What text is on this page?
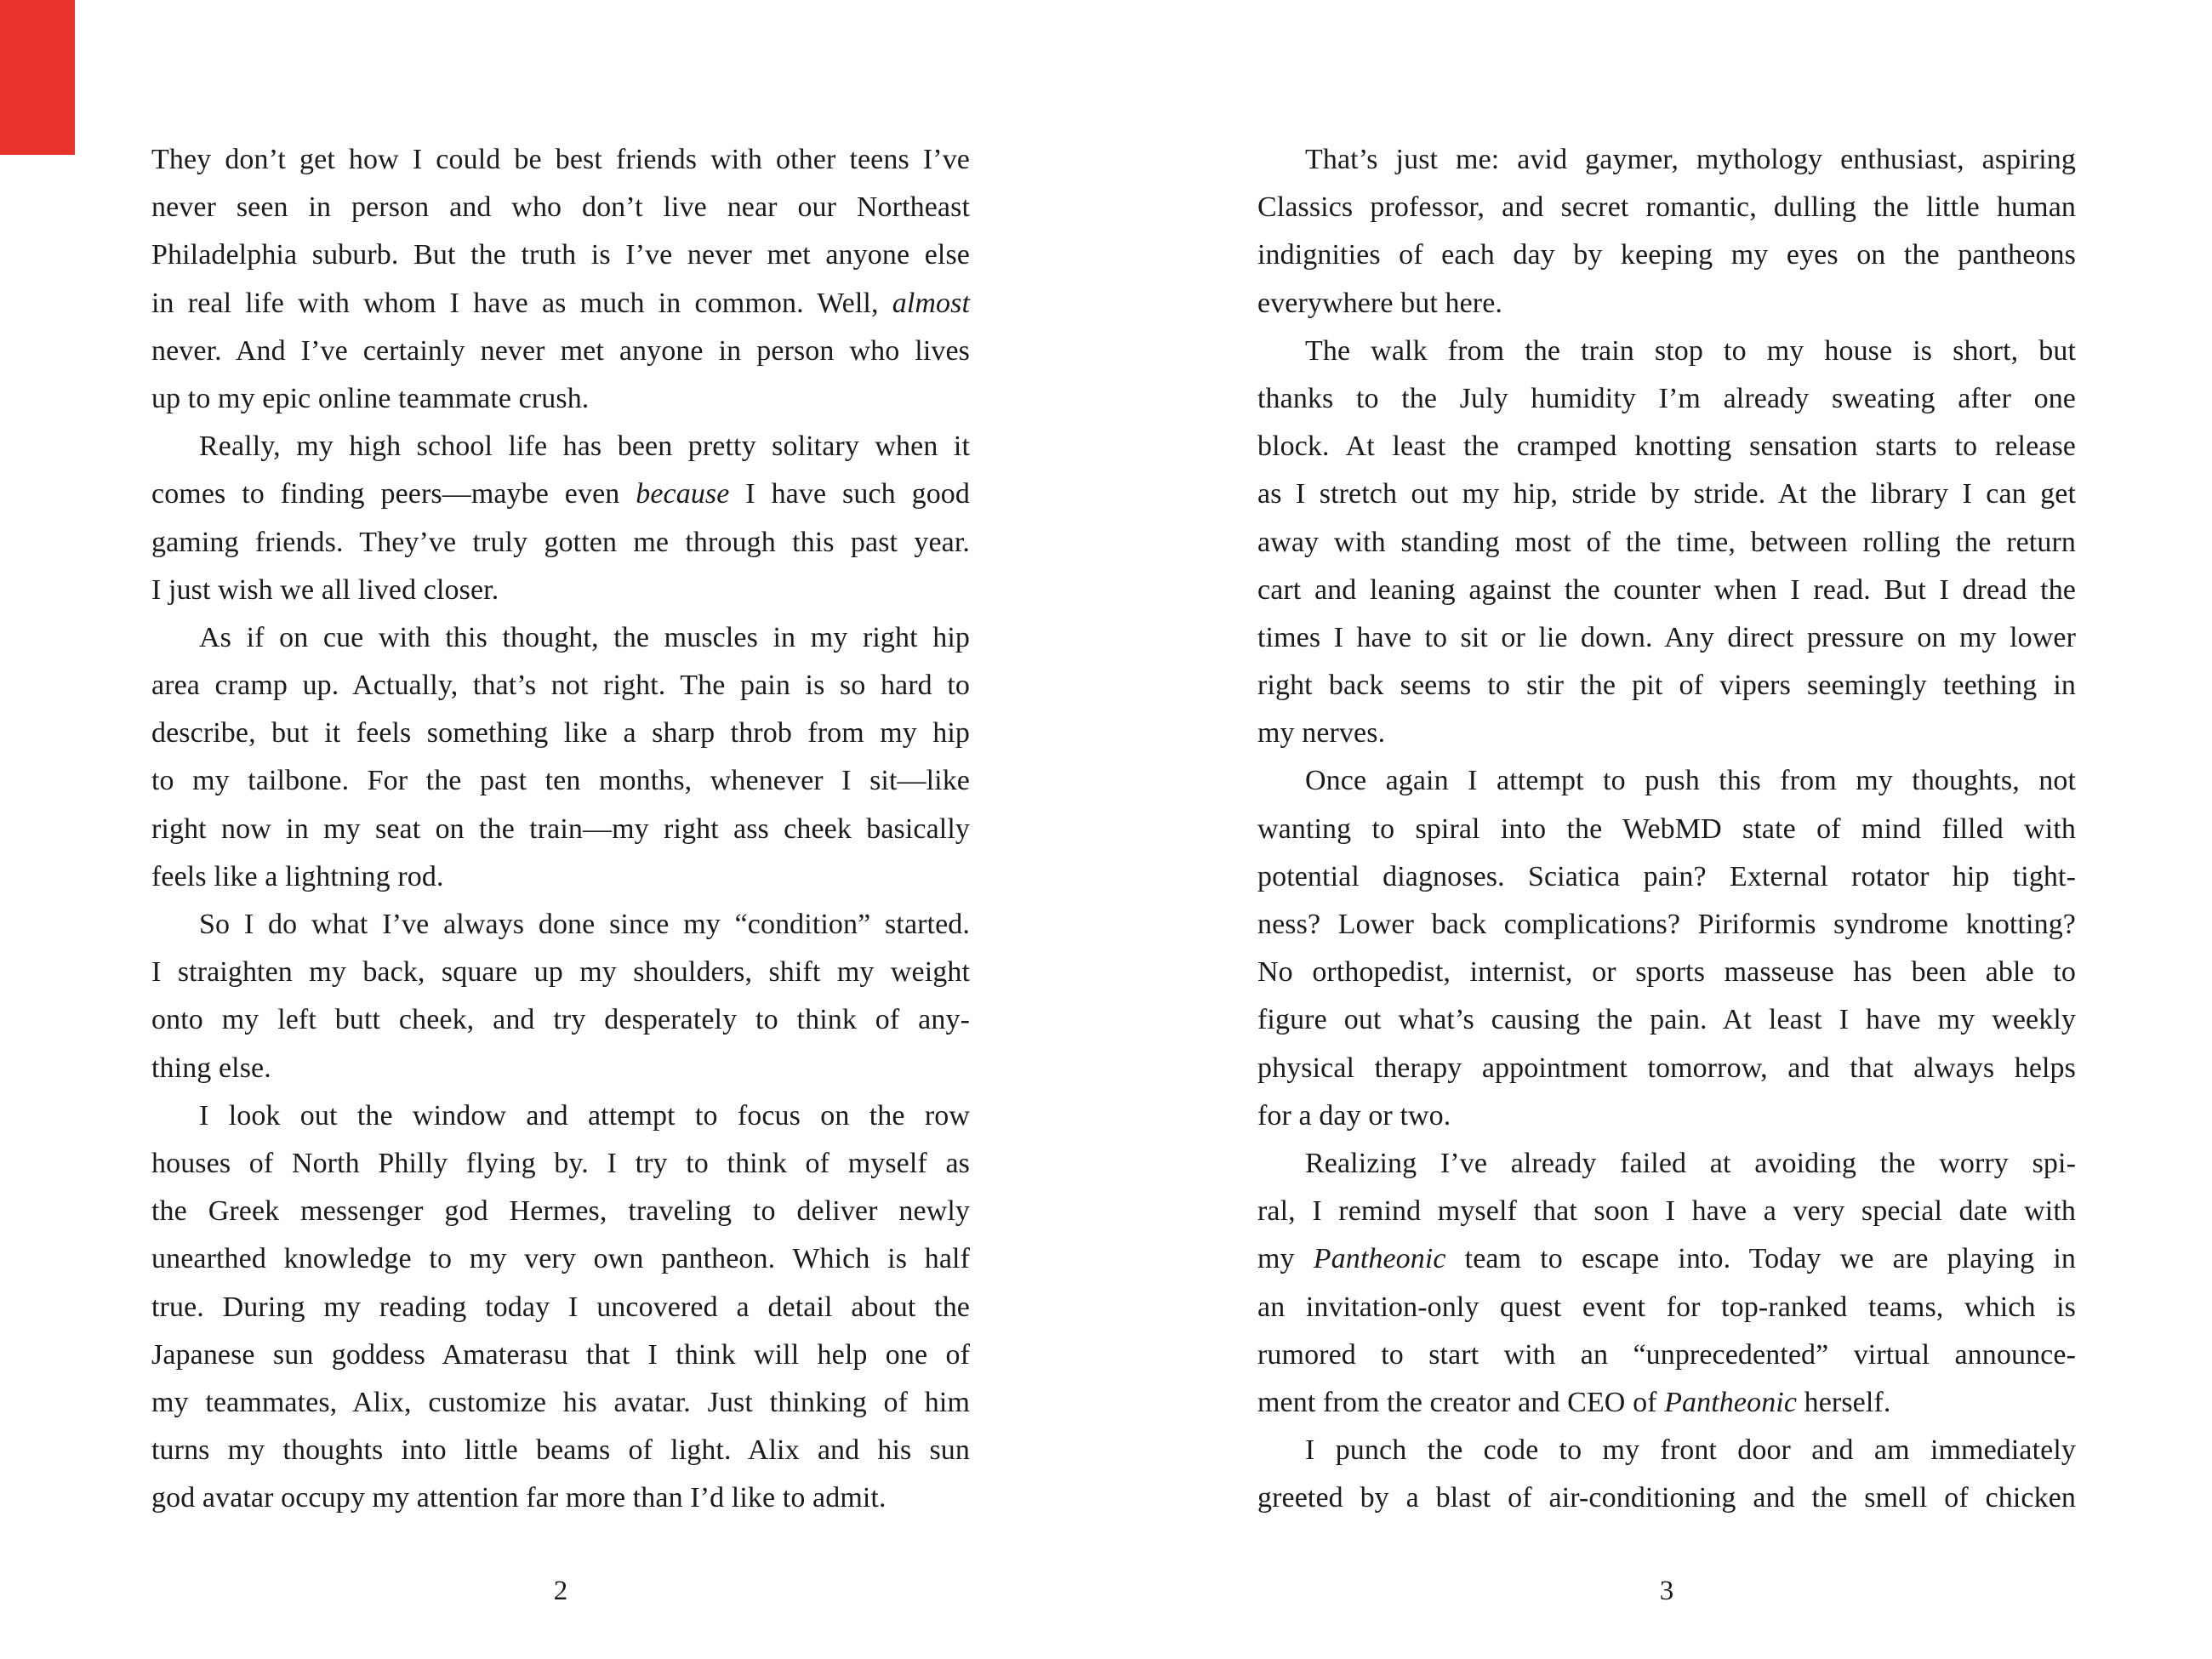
They don’t get how I could be best friends with other teens I’ve
never seen in person and who don’t live near our Northeast
Philadelphia suburb. But the truth is I’ve never met anyone else
in real life with whom I have as much in common. Well, almost
never. And I’ve certainly never met anyone in person who lives
up to my epic online teammate crush.
Really, my high school life has been pretty solitary when it
comes to finding peers—maybe even because I have such good
gaming friends. They’ve truly gotten me through this past year.
I just wish we all lived closer.
As if on cue with this thought, the muscles in my right hip
area cramp up. Actually, that’s not right. The pain is so hard to
describe, but it feels something like a sharp throb from my hip
to my tailbone. For the past ten months, whenever I sit—like
right now in my seat on the train—my right ass cheek basically
feels like a lightning rod.
So I do what I’ve always done since my “condition” started.
I straighten my back, square up my shoulders, shift my weight
onto my left butt cheek, and try desperately to think of any-
thing else.
I look out the window and attempt to focus on the row
houses of North Philly flying by. I try to think of myself as
the Greek messenger god Hermes, traveling to deliver newly
unearthed knowledge to my very own pantheon. Which is half
true. During my reading today I uncovered a detail about the
Japanese sun goddess Amaterasu that I think will help one of
my teammates, Alix, customize his avatar. Just thinking of him
turns my thoughts into little beams of light. Alix and his sun
god avatar occupy my attention far more than I’d like to admit.
That’s just me: avid gaymer, mythology enthusiast, aspiring
Classics professor, and secret romantic, dulling the little human
indignities of each day by keeping my eyes on the pantheons
everywhere but here.
The walk from the train stop to my house is short, but
thanks to the July humidity I’m already sweating after one
block. At least the cramped knotting sensation starts to release
as I stretch out my hip, stride by stride. At the library I can get
away with standing most of the time, between rolling the return
cart and leaning against the counter when I read. But I dread the
times I have to sit or lie down. Any direct pressure on my lower
right back seems to stir the pit of vipers seemingly teething in
my nerves.
Once again I attempt to push this from my thoughts, not
wanting to spiral into the WebMD state of mind filled with
potential diagnoses. Sciatica pain? External rotator hip tight-
ness? Lower back complications? Piriformis syndrome knotting?
No orthopedist, internist, or sports masseuse has been able to
figure out what’s causing the pain. At least I have my weekly
physical therapy appointment tomorrow, and that always helps
for a day or two.
Realizing I’ve already failed at avoiding the worry spi-
ral, I remind myself that soon I have a very special date with
my Pantheonic team to escape into. Today we are playing in
an invitation-only quest event for top-ranked teams, which is
rumored to start with an “unprecedented” virtual announce-
ment from the creator and CEO of Pantheonic herself.
I punch the code to my front door and am immediately
greeted by a blast of air-conditioning and the smell of chicken
2	3
